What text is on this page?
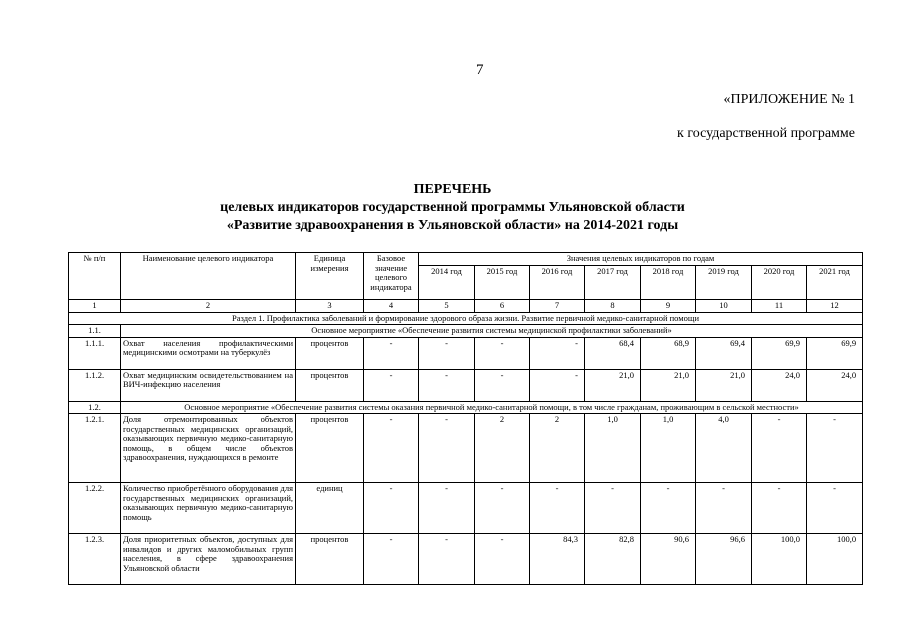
7
«ПРИЛОЖЕНИЕ № 1
к государственной программе
ПЕРЕЧЕНЬ
целевых индикаторов государственной программы Ульяновской области
«Развитие здравоохранения в Ульяновской области» на 2014-2021 годы
№ п/п	Наименование целевого индикатора	Единица измерения	Базовое значение целевого индикатора	Значения целевых индикаторов по годам							
				2014 год	2015 год	2016 год	2017 год	2018 год	2019 год	2020 год	2021 год
1	2	3	4	5	6	7	8	9	10	11	12
Раздел 1. Профилактика заболеваний и формирование здорового образа жизни. Развитие первичной медико-санитарной помощи											
1.1.	Основное мероприятие «Обеспечение развития системы медицинской профилактики заболеваний»										
1.1.1.	Охват населения профилактическими медицинскими осмотрами на туберкулёз	процентов	-	-	-	-	68,4	68,9	69,4	69,9	69,9
1.1.2.	Охват медицинским освидетельствованием на ВИЧ-инфекцию населения	процентов	-	-	-	-	21,0	21,0	21,0	24,0	24,0
1.2.	Основное мероприятие «Обеспечение развития системы оказания первичной медико-санитарной помощи, в том числе гражданам, проживающим в сельской местности»										
1.2.1.	Доля отремонтированных объектов государственных медицинских организаций, оказывающих первичную медико-санитарную помощь, в общем числе объектов здравоохранения, нуждающихся в ремонте	процентов	-	-	2	2	1,0	1,0	4,0	-	-
1.2.2.	Количество приобретённого оборудования для государственных медицинских организаций, оказывающих первичную медико-санитарную помощь	единиц	-	-	-	-	-	-	-	-	-
1.2.3.	Доля приоритетных объектов, доступных для инвалидов и других маломобильных групп населения, в сфере здравоохранения Ульяновской области	процентов	-	-	-	84,3	82,8	90,6	96,6	100,0	100,0
